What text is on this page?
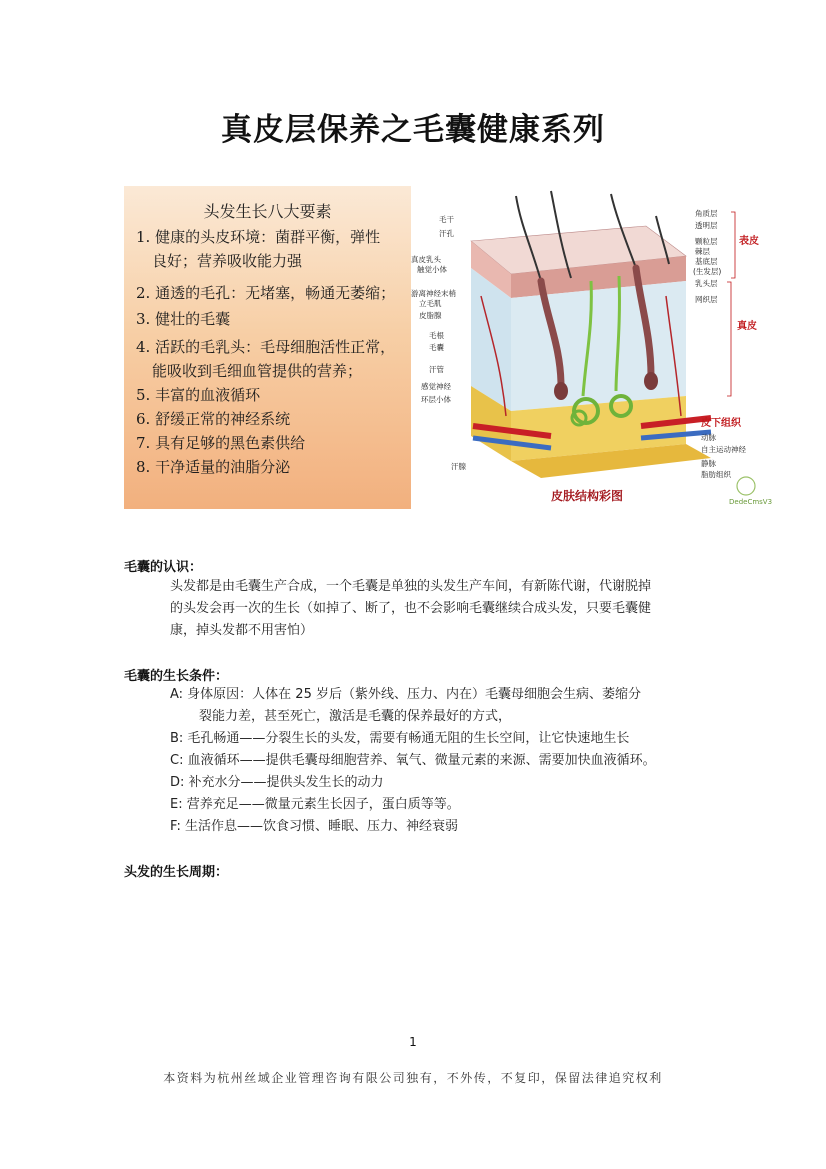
真皮层保养之毛囊健康系列
头发生长八大要素
1. 健康的头皮环境：菌群平衡，弹性
良好；营养吸收能力强
2. 通透的毛孔：无堵塞，畅通无萎缩；
3. 健壮的毛囊
4. 活跃的毛乳头：毛母细胞活性正常，
能吸收到毛细血管提供的营养；
5. 丰富的血液循环
6. 舒缓正常的神经系统
7. 具有足够的黑色素供给
8. 干净适量的油脂分泌
毛干
汗孔
真皮乳头
触觉小体
游离神经末梢
立毛肌
皮脂腺
毛根
毛囊
汗管
感觉神经
环层小体
汗腺
角质层
透明层
颗粒层
棘层
基底层
(生发层)
乳头层
网织层
动脉
自主运动神经
静脉
脂肪组织
表皮
真皮
皮下组织
皮肤结构彩图	DedeCmsV3
毛囊的认识：
头发都是由毛囊生产合成，一个毛囊是单独的头发生产车间，有新陈代谢，代谢脱掉
的头发会再一次的生长（如掉了、断了，也不会影响毛囊继续合成头发，只要毛囊健
康，掉头发都不用害怕）
毛囊的生长条件：
A: 身体原因：人体在 25 岁后（紫外线、压力、内在）毛囊母细胞会生病、萎缩分
裂能力差，甚至死亡，激活是毛囊的保养最好的方式，
B: 毛孔畅通——分裂生长的头发，需要有畅通无阻的生长空间，让它快速地生长
C: 血液循环——提供毛囊母细胞营养、氧气、微量元素的来源、需要加快血液循环。
D: 补充水分——提供头发生长的动力
E: 营养充足——微量元素生长因子，蛋白质等等。
F: 生活作息——饮食习惯、睡眠、压力、神经衰弱
头发的生长周期：
1
本资料为杭州丝域企业管理咨询有限公司独有，不外传，不复印，保留法律追究权利
